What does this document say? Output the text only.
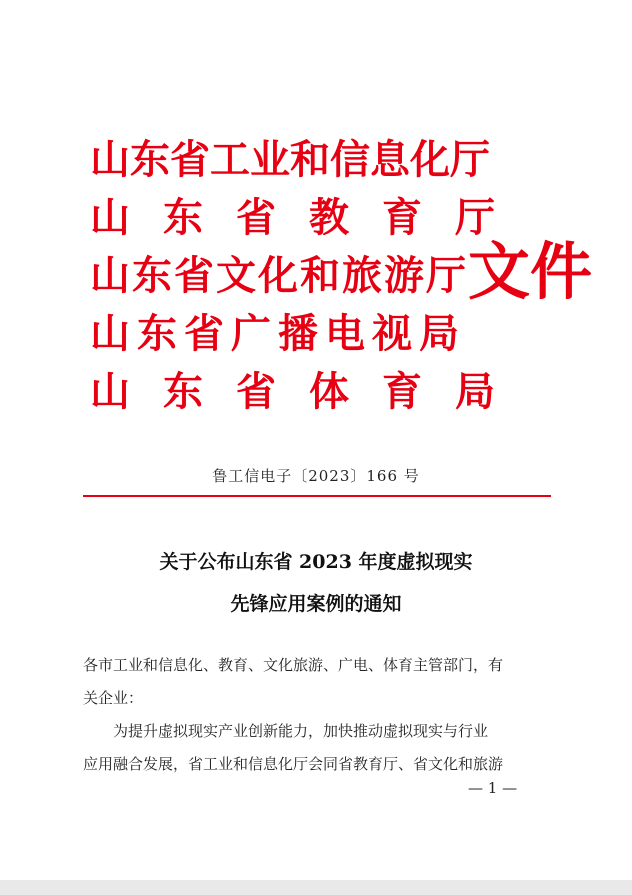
山东省工业和信息化厅
山东省教育厅
山东省文化和旅游厅
山东省广播电视局
山东省体育局
文件
鲁工信电子〔2023〕166 号
关于公布山东省 2023 年度虚拟现实
先锋应用案例的通知
各市工业和信息化、教育、文化旅游、广电、体育主管部门，有
关企业：
为提升虚拟现实产业创新能力，加快推动虚拟现实与行业
应用融合发展，省工业和信息化厅会同省教育厅、省文化和旅游
— 1 —
